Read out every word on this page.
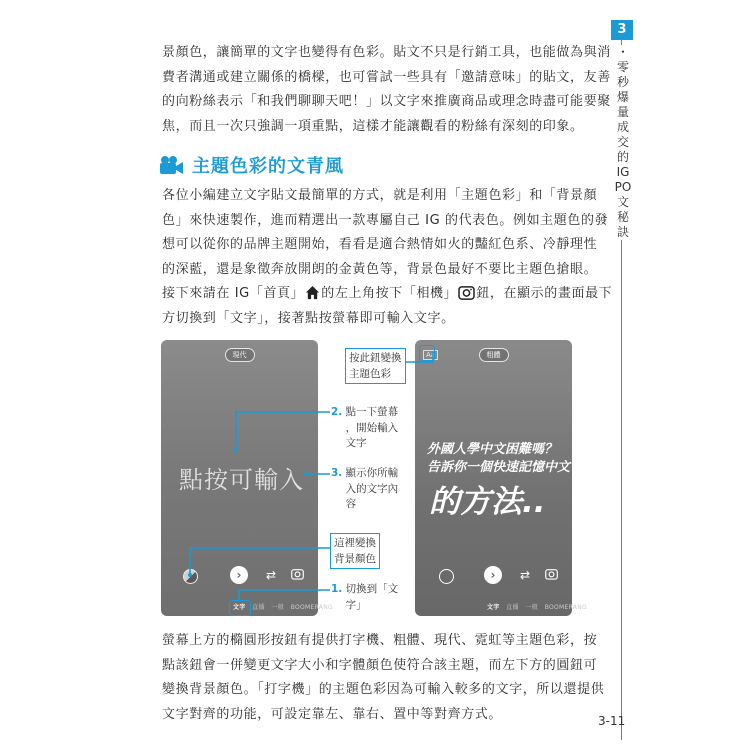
3
・零秒爆量成交的 IG PO 文秘訣
3-11
景顏色，讓簡單的文字也變得有色彩。貼文不只是行銷工具，也能做為與消
費者溝通或建立關係的橋樑，也可嘗試一些具有「邀請意味」的貼文，友善
的向粉絲表示「和我們聊聊天吧！」以文字來推廣商品或理念時盡可能要聚
焦，而且一次只強調一項重點，這樣才能讓觀看的粉絲有深刻的印象。
主題色彩的文青風
各位小編建立文字貼文最簡單的方式，就是利用「主題色彩」和「背景顏
色」來快速製作，進而精選出一款專屬自己 IG 的代表色。例如主題色的發
想可以從你的品牌主題開始，看看是適合熱情如火的豔紅色系、冷靜理性
的深藍，還是象徵奔放開朗的金黃色等，背景色最好不要比主題色搶眼。
接下來請在 IG「首頁」 的左上角按下「相機」 鈕，在顯示的畫面最下
方切換到「文字」，接著點按螢幕即可輸入文字。
現代
點按可輸入
›	⇄
文字 直播 一般 BOOMERANG
Aa	粗體
外國人學中文困難嗎？
告訴你一個快速記憶中文
的方法..
›	⇄
文字 直播 一般 BOOMERANG
按此鈕變換
主題色彩
2. 點一下螢幕
，開始輸入
文字
3. 顯示你所輸
入的文字內
容
這裡變換
背景顏色
1. 切換到「文
字」
螢幕上方的橢圓形按鈕有提供打字機、粗體、現代、霓虹等主題色彩，按
點該鈕會一併變更文字大小和字體顏色使符合該主題，而左下方的圓鈕可
變換背景顏色。「打字機」的主題色彩因為可輸入較多的文字，所以還提供
文字對齊的功能，可設定靠左、靠右、置中等對齊方式。
